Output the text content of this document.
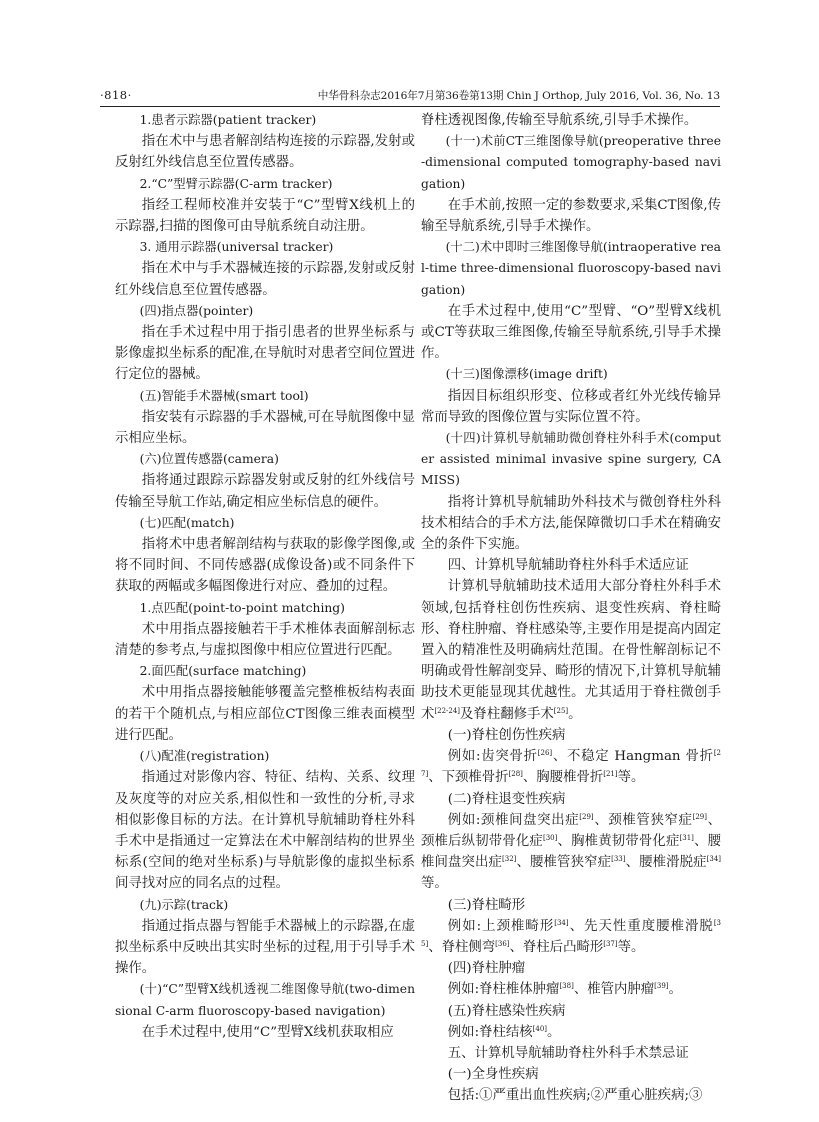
·818·	中华骨科杂志2016年7月第36卷第13期 Chin J Orthop, July 2016, Vol. 36, No. 13

1.患者示踪器(patient tracker)

指在术中与患者解剖结构连接的示踪器,发射或反射红外线信息至位置传感器。

2.“C”型臂示踪器(C-arm tracker)

指经工程师校准并安装于“C”型臂X线机上的示踪器,扫描的图像可由导航系统自动注册。

3. 通用示踪器(universal tracker)

指在术中与手术器械连接的示踪器,发射或反射红外线信息至位置传感器。

(四)指点器(pointer)

指在手术过程中用于指引患者的世界坐标系与影像虚拟坐标系的配准,在导航时对患者空间位置进行定位的器械。

(五)智能手术器械(smart tool)

指安装有示踪器的手术器械,可在导航图像中显示相应坐标。

(六)位置传感器(camera)

指将通过跟踪示踪器发射或反射的红外线信号传输至导航工作站,确定相应坐标信息的硬件。

(七)匹配(match)

指将术中患者解剖结构与获取的影像学图像,或将不同时间、不同传感器(成像设备)或不同条件下获取的两幅或多幅图像进行对应、叠加的过程。

1.点匹配(point-to-point matching)

术中用指点器接触若干手术椎体表面解剖标志清楚的参考点,与虚拟图像中相应位置进行匹配。

2.面匹配(surface matching)

术中用指点器接触能够覆盖完整椎板结构表面的若干个随机点,与相应部位CT图像三维表面模型进行匹配。

(八)配准(registration)

指通过对影像内容、特征、结构、关系、纹理及灰度等的对应关系,相似性和一致性的分析,寻求相似影像目标的方法。在计算机导航辅助脊柱外科手术中是指通过一定算法在术中解剖结构的世界坐标系(空间的绝对坐标系)与导航影像的虚拟坐标系间寻找对应的同名点的过程。

(九)示踪(track)

指通过指点器与智能手术器械上的示踪器,在虚拟坐标系中反映出其实时坐标的过程,用于引导手术操作。

(十)“C”型臂X线机透视二维图像导航(two-dimensional C-arm fluoroscopy-based navigation)

在手术过程中,使用“C”型臂X线机获取相应

脊柱透视图像,传输至导航系统,引导手术操作。

(十一)术前CT三维图像导航(preoperative three-dimensional computed tomography-based navigation)

在手术前,按照一定的参数要求,采集CT图像,传输至导航系统,引导手术操作。

(十二)术中即时三维图像导航(intraoperative real-time three-dimensional fluoroscopy-based navigation)

在手术过程中,使用“C”型臂、“O”型臂X线机或CT等获取三维图像,传输至导航系统,引导手术操作。

(十三)图像漂移(image drift)

指因目标组织形变、位移或者红外光线传输异常而导致的图像位置与实际位置不符。

(十四)计算机导航辅助微创脊柱外科手术(computer assisted minimal invasive spine surgery, CAMISS)

指将计算机导航辅助外科技术与微创脊柱外科技术相结合的手术方法,能保障微切口手术在精确安全的条件下实施。

四、计算机导航辅助脊柱外科手术适应证

计算机导航辅助技术适用大部分脊柱外科手术领域,包括脊柱创伤性疾病、退变性疾病、脊柱畸形、脊柱肿瘤、脊柱感染等,主要作用是提高内固定置入的精准性及明确病灶范围。在骨性解剖标记不明确或骨性解剖变异、畸形的情况下,计算机导航辅助技术更能显现其优越性。尤其适用于脊柱微创手术[22-24]及脊柱翻修手术[25]。

(一)脊柱创伤性疾病

例如:齿突骨折[26]、不稳定 Hangman 骨折[27]、下颈椎骨折[28]、胸腰椎骨折[21]等。

(二)脊柱退变性疾病

例如:颈椎间盘突出症[29]、颈椎管狭窄症[29]、颈椎后纵韧带骨化症[30]、胸椎黄韧带骨化症[31]、腰椎间盘突出症[32]、腰椎管狭窄症[33]、腰椎滑脱症[34]等。

(三)脊柱畸形

例如:上颈椎畸形[34]、先天性重度腰椎滑脱[35]、脊柱侧弯[36]、脊柱后凸畸形[37]等。

(四)脊柱肿瘤

例如:脊柱椎体肿瘤[38]、椎管内肿瘤[39]。

(五)脊柱感染性疾病

例如:脊柱结核[40]。

五、计算机导航辅助脊柱外科手术禁忌证

(一)全身性疾病

包括:①严重出血性疾病;②严重心脏疾病;③
